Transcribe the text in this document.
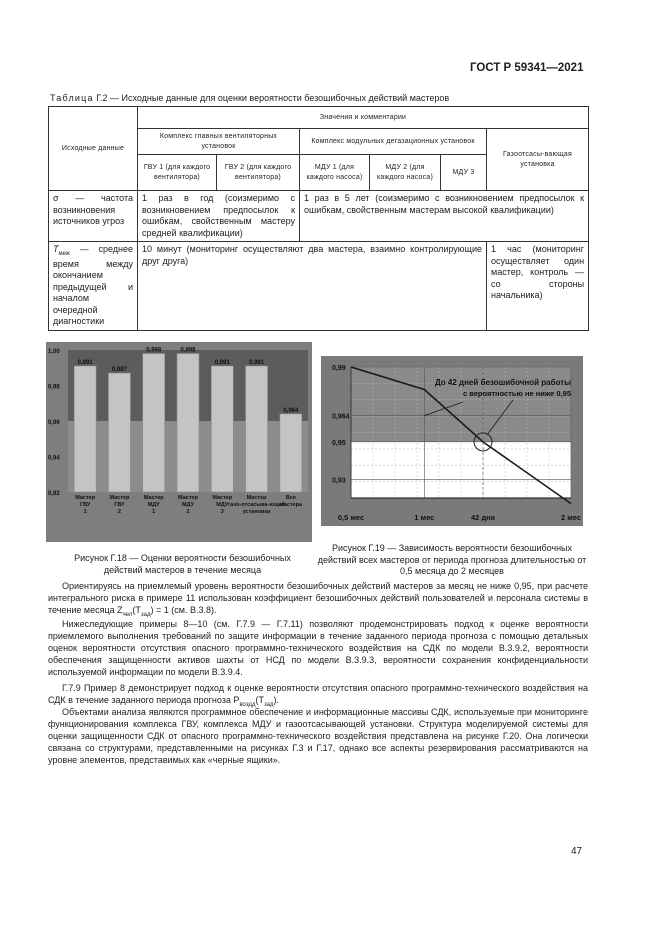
ГОСТ Р 59341—2021
Таблица Г.2 — Исходные данные для оценки вероятности безошибочных действий мастеров
Исходные данные	Значения и комментарии					
	Комплекс главных вентиляторных установок		Комплекс модульных дегазационных установок			Газоотсасы-вающая установка
	ГВУ 1 (для каждого вентилятора)	ГВУ 2 (для каждого вентилятора)	МДУ 1 (для каждого насоса)	МДУ 2 (для каждого насоса)	МДУ 3	
σ — частота возникновения источников угроз	1 раз в год (соизмеримо с возникновением предпосылок к ошибкам, свойственным мастеру средней квалификации)		1 раз в 5 лет (соизмеримо с возникновением предпосылок к ошибкам, свойственным мастерам высокой квалификации)			
$T_{меж}$ — среднее время между окончанием предыдущей и началом очередной диагностики	10 минут (мониторинг осуществляют два мастера, взаимно контролирующие друг друга)					1 час (мониторинг осуществляет один мастер, контроль — со стороны начальника)
1,00
0,98
0,96
0,94
0,92
0,991
Мастер
ГВУ
1
0,987
Мастер
ГВУ
2
0,998
Мастер
МДУ
1
0,998
Мастер
МДУ
2
0,991
Мастер
МДУ
3
0,991
Мастер
газо-отсасыва-ющей
установки
0,964
Все
мастера
0,99
0,964
0,95
0,93
0,5 мес	1 мес	42 дня	2 мес
До 42 дней безошибочной работы
с вероятностью не ниже 0,95
Рисунок Г.18 — Оценки вероятности безошибочных действий мастеров в течение месяца
Рисунок Г.19 — Зависимость вероятности безошибочных действий всех мастеров от периода прогноза длительностью от 0,5 месяца до 2 месяцев
Ориентируясь на приемлемый уровень вероятности безошибочных действий мастеров за месяц не ниже 0,95, при расчете интегрального риска в примере 11 использован коэффициент безошибочных действий пользователей и персонала системы в течение месяца $Z_{чел}(T_{зад}) = 1$ (см. В.3.8).
Нижеследующие примеры 8—10 (см. Г.7.9 — Г.7.11) позволяют продемонстрировать подход к оценке вероятности приемлемого выполнения требований по защите информации в течение заданного периода прогноза с помощью детальных оценок вероятности отсутствия опасного программно-технического воздействия на СДК по модели В.3.9.2, вероятности обеспечения защищенности активов шахты от НСД по модели В.3.9.3, вероятности сохранения конфиденциальности используемой информации по модели В.3.9.4.
Г.7.9 Пример 8 демонстрирует подход к оценке вероятности отсутствия опасного программно-технического воздействия на СДК в течение заданного периода прогноза $P_{воздд}(T_{зад})$.
Объектами анализа являются программное обеспечение и информационные массивы СДК, используемые при мониторинге функционирования комплекса ГВУ, комплекса МДУ и газоотсасывающей установки. Структура моделируемой системы для оценки защищенности СДК от опасного программно-технического воздействия представлена на рисунке Г.20. Она логически связана со структурами, представленными на рисунках Г.3 и Г.17, однако все аспекты резервирования рассматриваются на уровне элементов, представимых как «черные ящики».
47
